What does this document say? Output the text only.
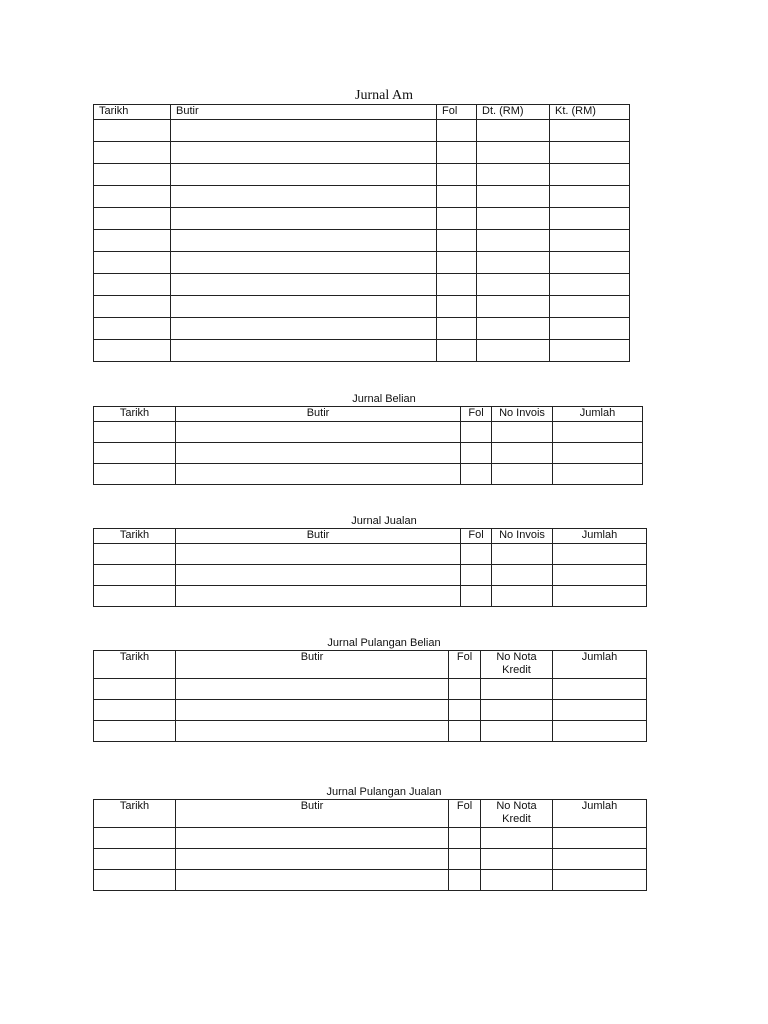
Jurnal Am
Tarikh	Butir	Fol	Dt. (RM)	Kt. (RM)

Jurnal Belian
Tarikh	Butir	Fol	No Invois	Jumlah

Jurnal Jualan
Tarikh	Butir	Fol	No Invois	Jumlah

Jurnal Pulangan Belian
Tarikh	Butir	Fol	No Nota Kredit	Jumlah

Jurnal Pulangan Jualan
Tarikh	Butir	Fol	No Nota Kredit	Jumlah
